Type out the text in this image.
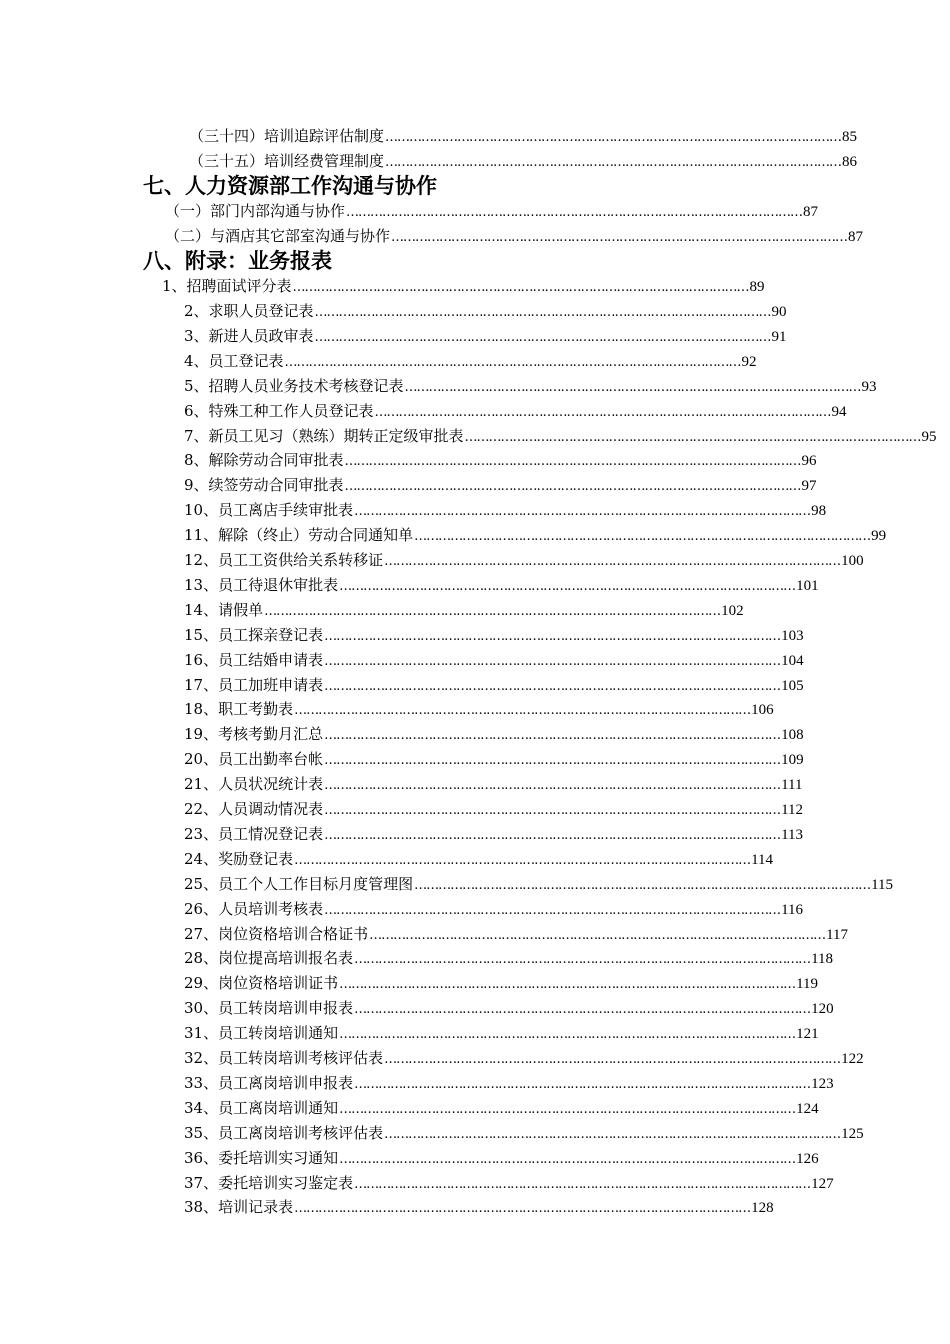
（三十四）培训追踪评估制度 …………………………………………………………………………………………………… 85
（三十五）培训经费管理制度 …………………………………………………………………………………………………… 86
七、人力资源部工作沟通与协作
（一）部门内部沟通与协作 …………………………………………………………………………………………………… 87
（二）与酒店其它部室沟通与协作 …………………………………………………………………………………………………… 87
八、附录：业务报表
1、招聘面试评分表 …………………………………………………………………………………………………… 89
2、求职人员登记表 …………………………………………………………………………………………………… 90
3、新进人员政审表 …………………………………………………………………………………………………… 91
4、员工登记表 …………………………………………………………………………………………………… 92
5、招聘人员业务技术考核登记表 …………………………………………………………………………………………………… 93
6、特殊工种工作人员登记表 …………………………………………………………………………………………………… 94
7、新员工见习（熟练）期转正定级审批表 …………………………………………………………………………………………………… 95
8、解除劳动合同审批表 …………………………………………………………………………………………………… 96
9、续签劳动合同审批表 …………………………………………………………………………………………………… 97
10、员工离店手续审批表 …………………………………………………………………………………………………… 98
11、解除（终止）劳动合同通知单 …………………………………………………………………………………………………… 99
12、员工工资供给关系转移证 …………………………………………………………………………………………………… 100
13、员工待退休审批表 …………………………………………………………………………………………………… 101
14、请假单 …………………………………………………………………………………………………… 102
15、员工探亲登记表 …………………………………………………………………………………………………… 103
16、员工结婚申请表 …………………………………………………………………………………………………… 104
17、员工加班申请表 …………………………………………………………………………………………………… 105
18、职工考勤表 …………………………………………………………………………………………………… 106
19、考核考勤月汇总 …………………………………………………………………………………………………… 108
20、员工出勤率台帐 …………………………………………………………………………………………………… 109
21、人员状况统计表 …………………………………………………………………………………………………… 111
22、人员调动情况表 …………………………………………………………………………………………………… 112
23、员工情况登记表 …………………………………………………………………………………………………… 113
24、奖励登记表 …………………………………………………………………………………………………… 114
25、员工个人工作目标月度管理图 …………………………………………………………………………………………………… 115
26、人员培训考核表 …………………………………………………………………………………………………… 116
27、岗位资格培训合格证书 …………………………………………………………………………………………………… 117
28、岗位提高培训报名表 …………………………………………………………………………………………………… 118
29、岗位资格培训证书 …………………………………………………………………………………………………… 119
30、员工转岗培训申报表 …………………………………………………………………………………………………… 120
31、员工转岗培训通知 …………………………………………………………………………………………………… 121
32、员工转岗培训考核评估表 …………………………………………………………………………………………………… 122
33、员工离岗培训申报表 …………………………………………………………………………………………………… 123
34、员工离岗培训通知 …………………………………………………………………………………………………… 124
35、员工离岗培训考核评估表 …………………………………………………………………………………………………… 125
36、委托培训实习通知 …………………………………………………………………………………………………… 126
37、委托培训实习鉴定表 …………………………………………………………………………………………………… 127
38、培训记录表 …………………………………………………………………………………………………… 128
